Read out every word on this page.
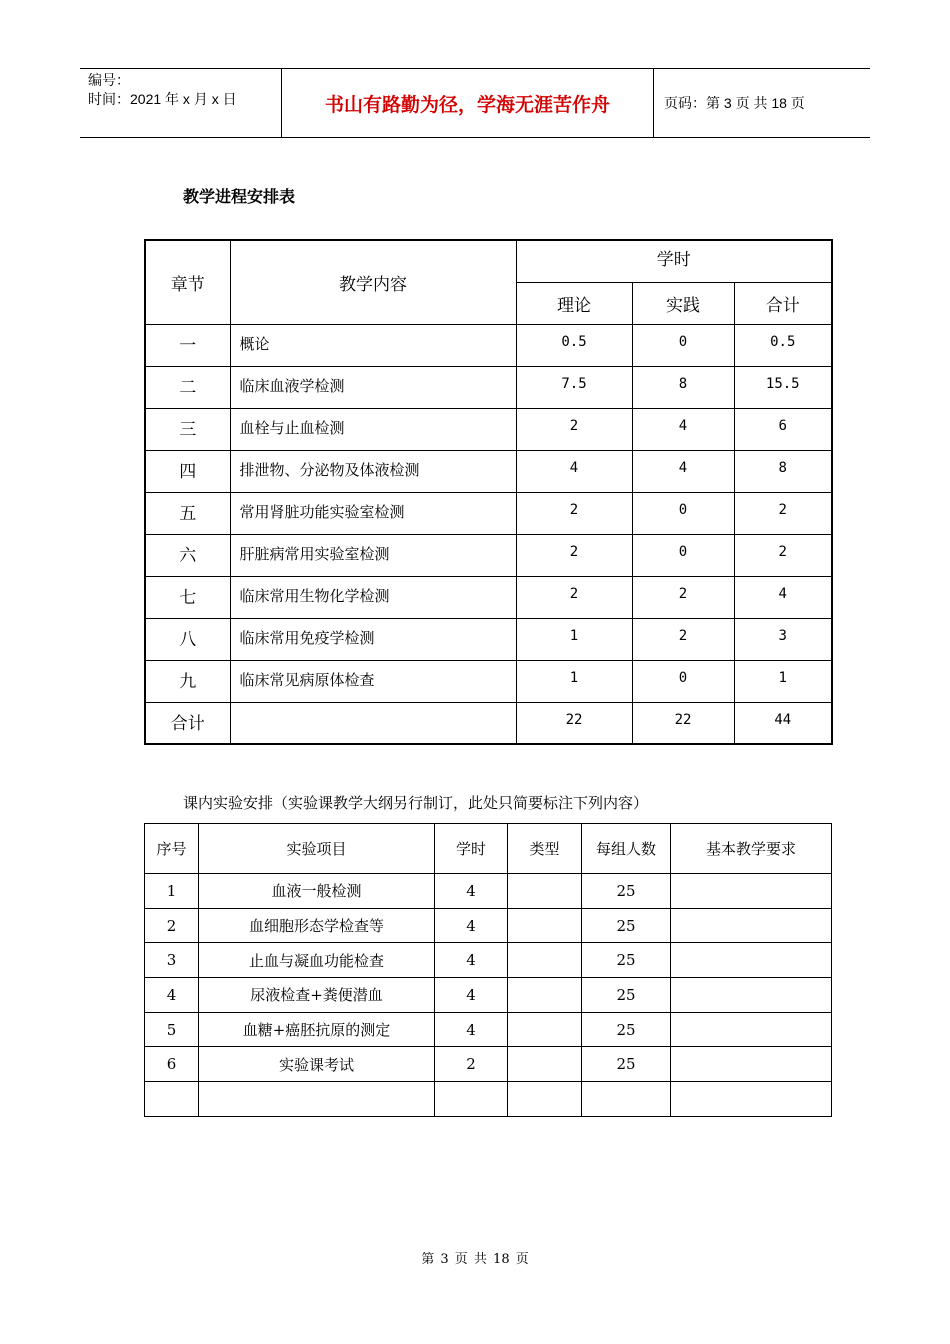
编号：
时间：2021 年 x 月 x 日	书山有路勤为径，学海无涯苦作舟	页码：第 3 页 共 18 页
教学进程安排表
章节	教学内容	学时		
		理论	实践	合计
一	概论	0.5	0	0.5
二	临床血液学检测	7.5	8	15.5
三	血栓与止血检测	2	4	6
四	排泄物、分泌物及体液检测	4	4	8
五	常用肾脏功能实验室检测	2	0	2
六	肝脏病常用实验室检测	2	0	2
七	临床常用生物化学检测	2	2	4
八	临床常用免疫学检测	1	2	3
九	临床常见病原体检查	1	0	1
合计		22	22	44
课内实验安排（实验课教学大纲另行制订，此处只简要标注下列内容）
序号	实验项目	学时	类型	每组人数	基本教学要求
1	血液一般检测	4		25	
2	血细胞形态学检查等	4		25	
3	止血与凝血功能检查	4		25	
4	尿液检查+粪便潜血	4		25	
5	血糖+癌胚抗原的测定	4		25	
6	实验课考试	2		25	

第 3 页 共 18 页
